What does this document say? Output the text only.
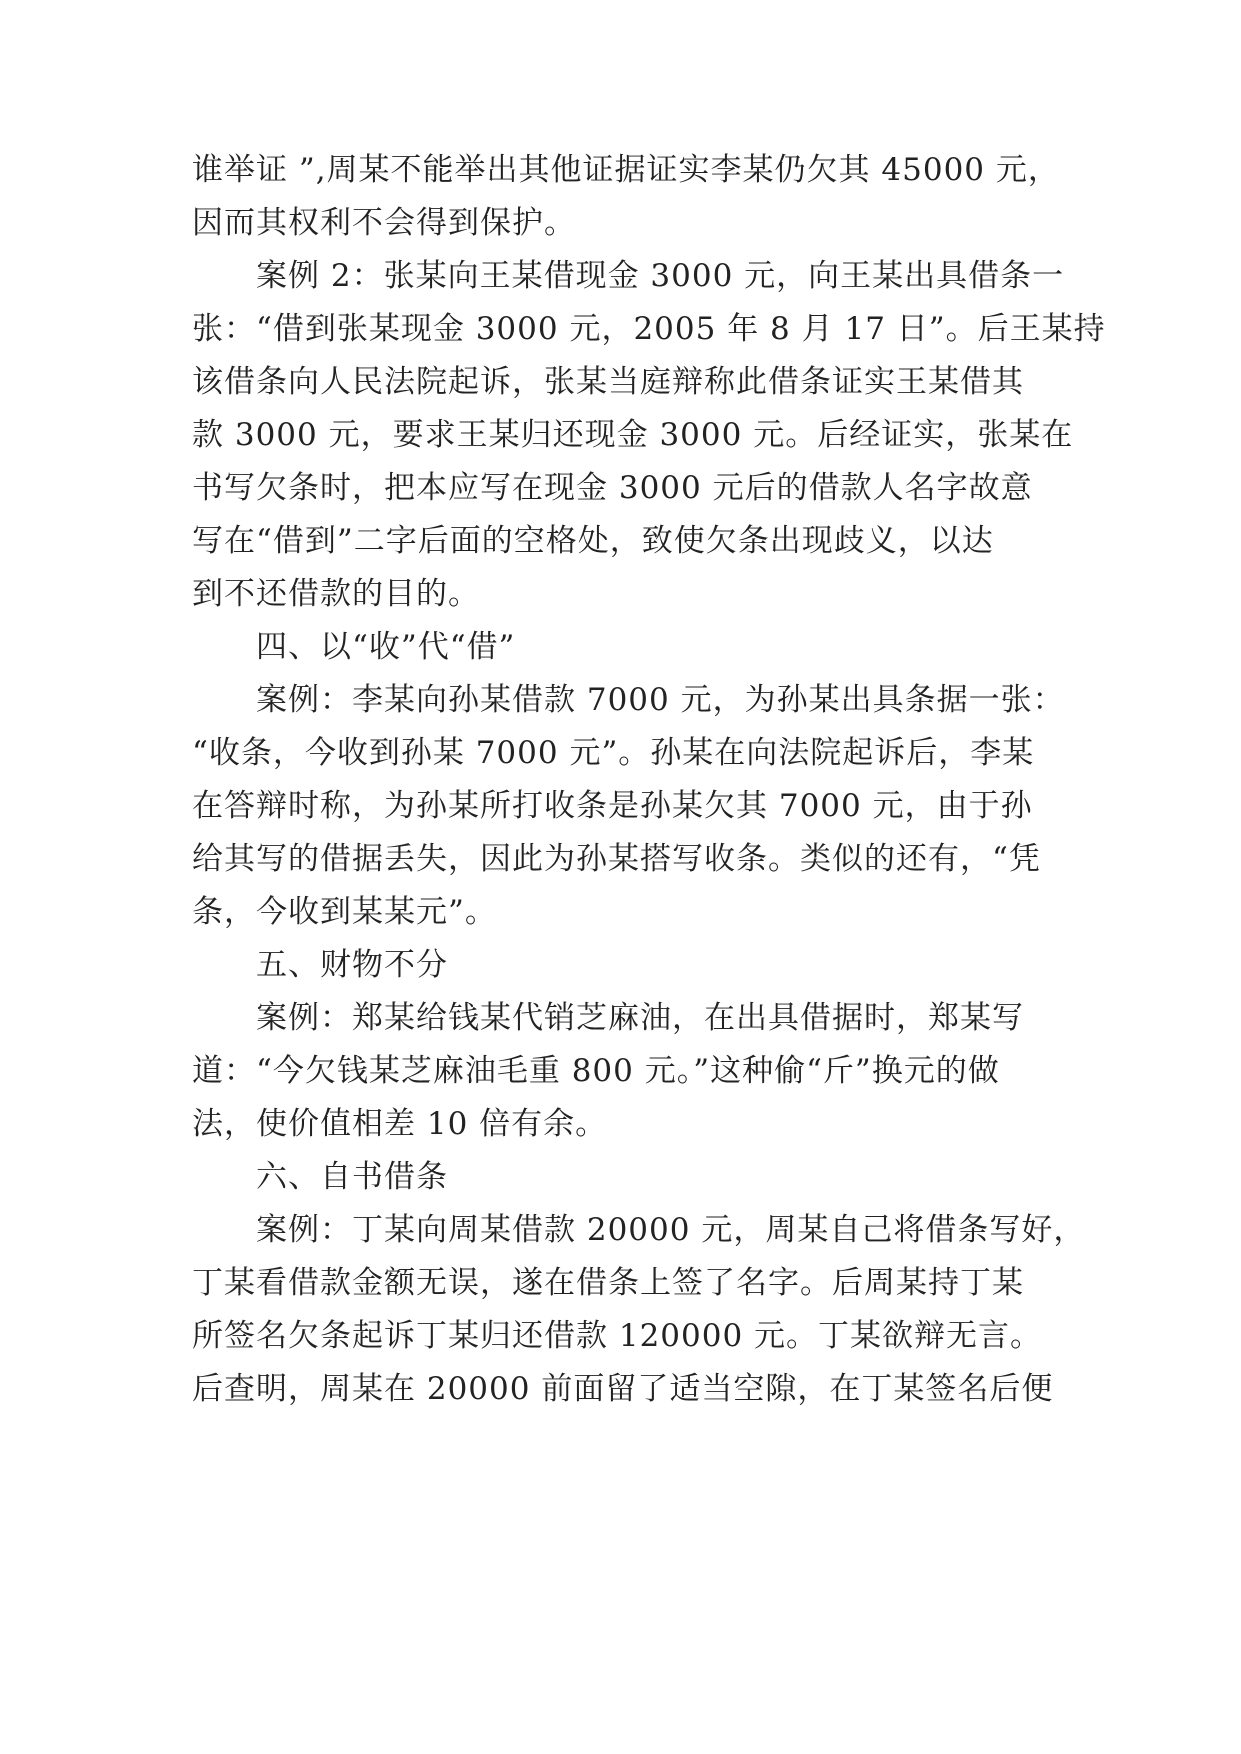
谁举证 ”,周某不能举出其他证据证实李某仍欠其 45000 元，
因而其权利不会得到保护。
案例 2：张某向王某借现金 3000 元，向王某出具借条一
张：“借到张某现金 3000 元，2005 年 8 月 17 日”。后王某持
该借条向人民法院起诉，张某当庭辩称此借条证实王某借其
款 3000 元，要求王某归还现金 3000 元。后经证实，张某在
书写欠条时，把本应写在现金 3000 元后的借款人名字故意
写在“借到”二字后面的空格处，致使欠条出现歧义，以达
到不还借款的目的。
四、以“收”代“借”
案例：李某向孙某借款 7000 元，为孙某出具条据一张：
“收条，今收到孙某 7000 元”。孙某在向法院起诉后，李某
在答辩时称，为孙某所打收条是孙某欠其 7000 元，由于孙
给其写的借据丢失，因此为孙某搭写收条。类似的还有，“凭
条，今收到某某元”。
五、财物不分
案例：郑某给钱某代销芝麻油，在出具借据时，郑某写
道：“今欠钱某芝麻油毛重 800 元。”这种偷“斤”换元的做
法，使价值相差 10 倍有余。
六、自书借条
案例：丁某向周某借款 20000 元，周某自己将借条写好，
丁某看借款金额无误，遂在借条上签了名字。后周某持丁某
所签名欠条起诉丁某归还借款 120000 元。丁某欲辩无言。
后查明，周某在 20000 前面留了适当空隙，在丁某签名后便
